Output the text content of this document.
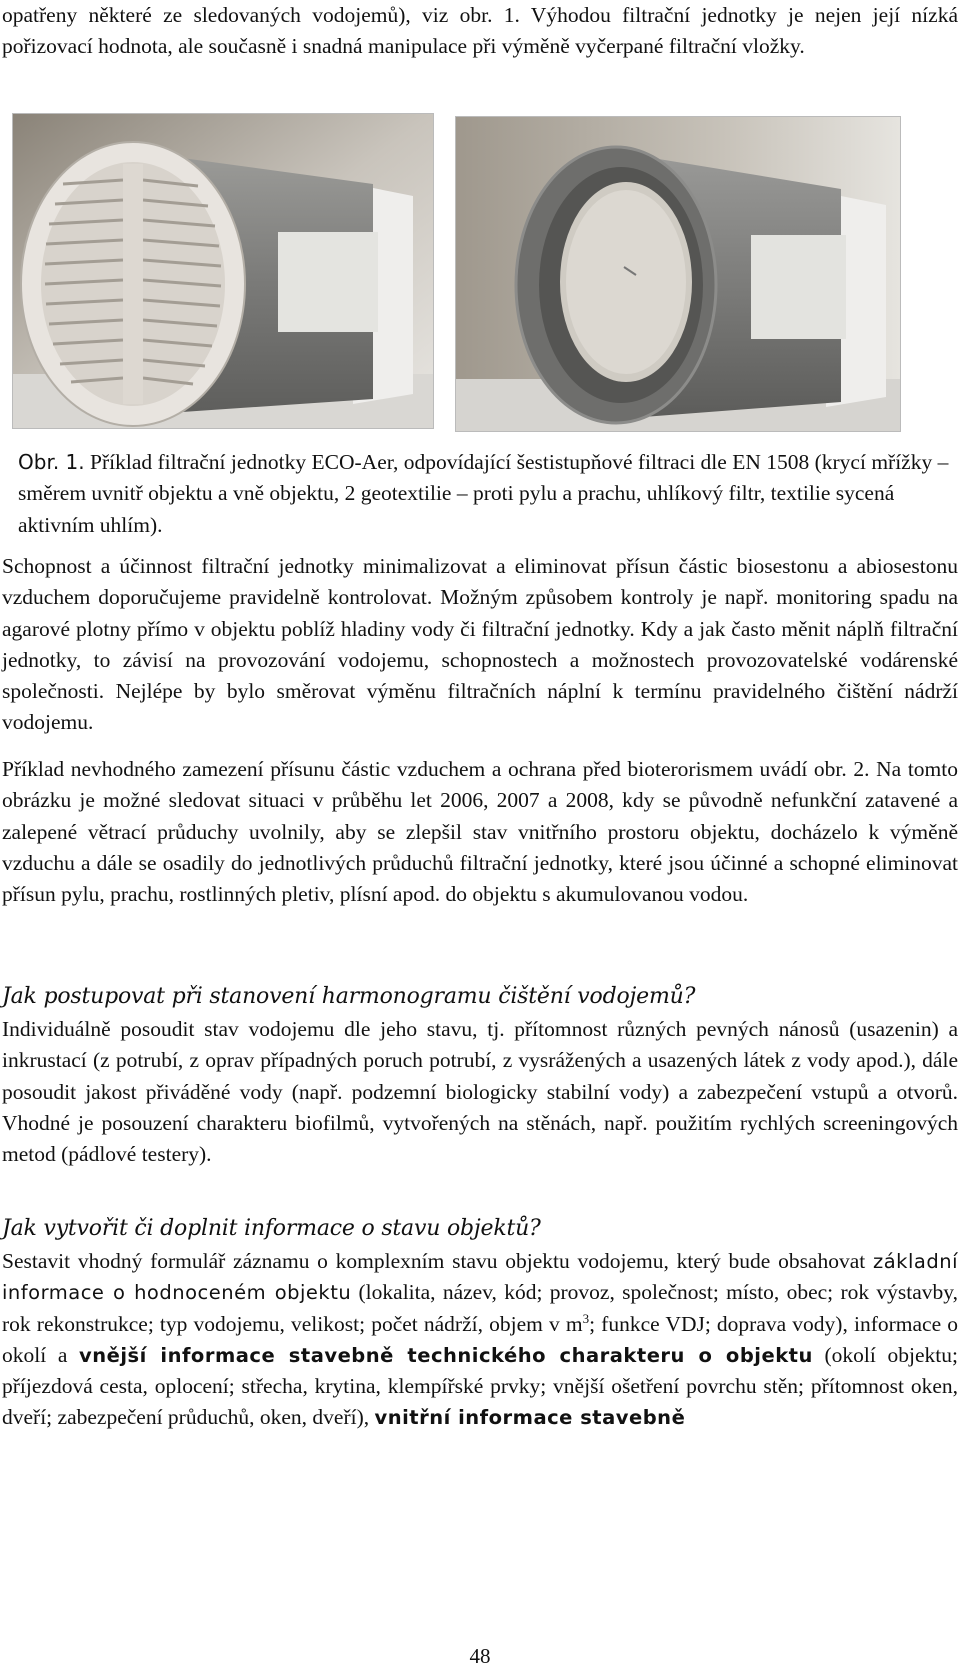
opatřeny některé ze sledovaných vodojemů), viz obr. 1. Výhodou filtrační jednotky je nejen její nízká pořizovací hodnota, ale současně i snadná manipulace při výměně vyčerpané filtrační vložky.

Obr. 1. Příklad filtrační jednotky ECO-Aer, odpovídající šestistupňové filtraci dle EN 1508 (krycí mřížky – směrem uvnitř objektu a vně objektu, 2 geotextilie – proti pylu a prachu, uhlíkový filtr, textilie sycená aktivním uhlím).

Schopnost a účinnost filtrační jednotky minimalizovat a eliminovat přísun částic biosestonu a abiosestonu vzduchem doporučujeme pravidelně kontrolovat. Možným způsobem kontroly je např. monitoring spadu na agarové plotny přímo v objektu poblíž hladiny vody či filtrační jednotky. Kdy a jak často měnit náplň filtrační jednotky, to závisí na provozování vodojemu, schopnostech a možnostech provozovatelské vodárenské společnosti. Nejlépe by bylo směrovat výměnu filtračních náplní k termínu pravidelného čištění nádrží vodojemu.

Příklad nevhodného zamezení přísunu částic vzduchem a ochrana před bioterorismem uvádí obr. 2. Na tomto obrázku je možné sledovat situaci v průběhu let 2006, 2007 a 2008, kdy se původně nefunkční zatavené a zalepené větrací průduchy uvolnily, aby se zlepšil stav vnitřního prostoru objektu, docházelo k výměně vzduchu a dále se osadily do jednotlivých průduchů filtrační jednotky, které jsou účinné a schopné eliminovat přísun pylu, prachu, rostlinných pletiv, plísní apod. do objektu s akumulovanou vodou.

Jak postupovat při stanovení harmonogramu čištění vodojemů?

Individuálně posoudit stav vodojemu dle jeho stavu, tj. přítomnost různých pevných nánosů (usazenin) a inkrustací (z potrubí, z oprav případných poruch potrubí, z vysrážených a usazených látek z vody apod.), dále posoudit jakost přiváděné vody (např. podzemní biologicky stabilní vody) a zabezpečení vstupů a otvorů. Vhodné je posouzení charakteru biofilmů, vytvořených na stěnách, např. použitím rychlých screeningových metod (pádlové testery).

Jak vytvořit či doplnit informace o stavu objektů?

Sestavit vhodný formulář záznamu o komplexním stavu objektu vodojemu, který bude obsahovat základní informace o hodnoceném objektu (lokalita, název, kód; provoz, společnost; místo, obec; rok výstavby, rok rekonstrukce; typ vodojemu, velikost; počet nádrží, objem v $m^3$; funkce VDJ; doprava vody), informace o okolí a vnější informace stavebně technického charakteru o objektu (okolí objektu; příjezdová cesta, oplocení; střecha, krytina, klempířské prvky; vnější ošetření povrchu stěn; přítomnost oken, dveří; zabezpečení průduchů, oken, dveří), vnitřní informace stavebně

48
